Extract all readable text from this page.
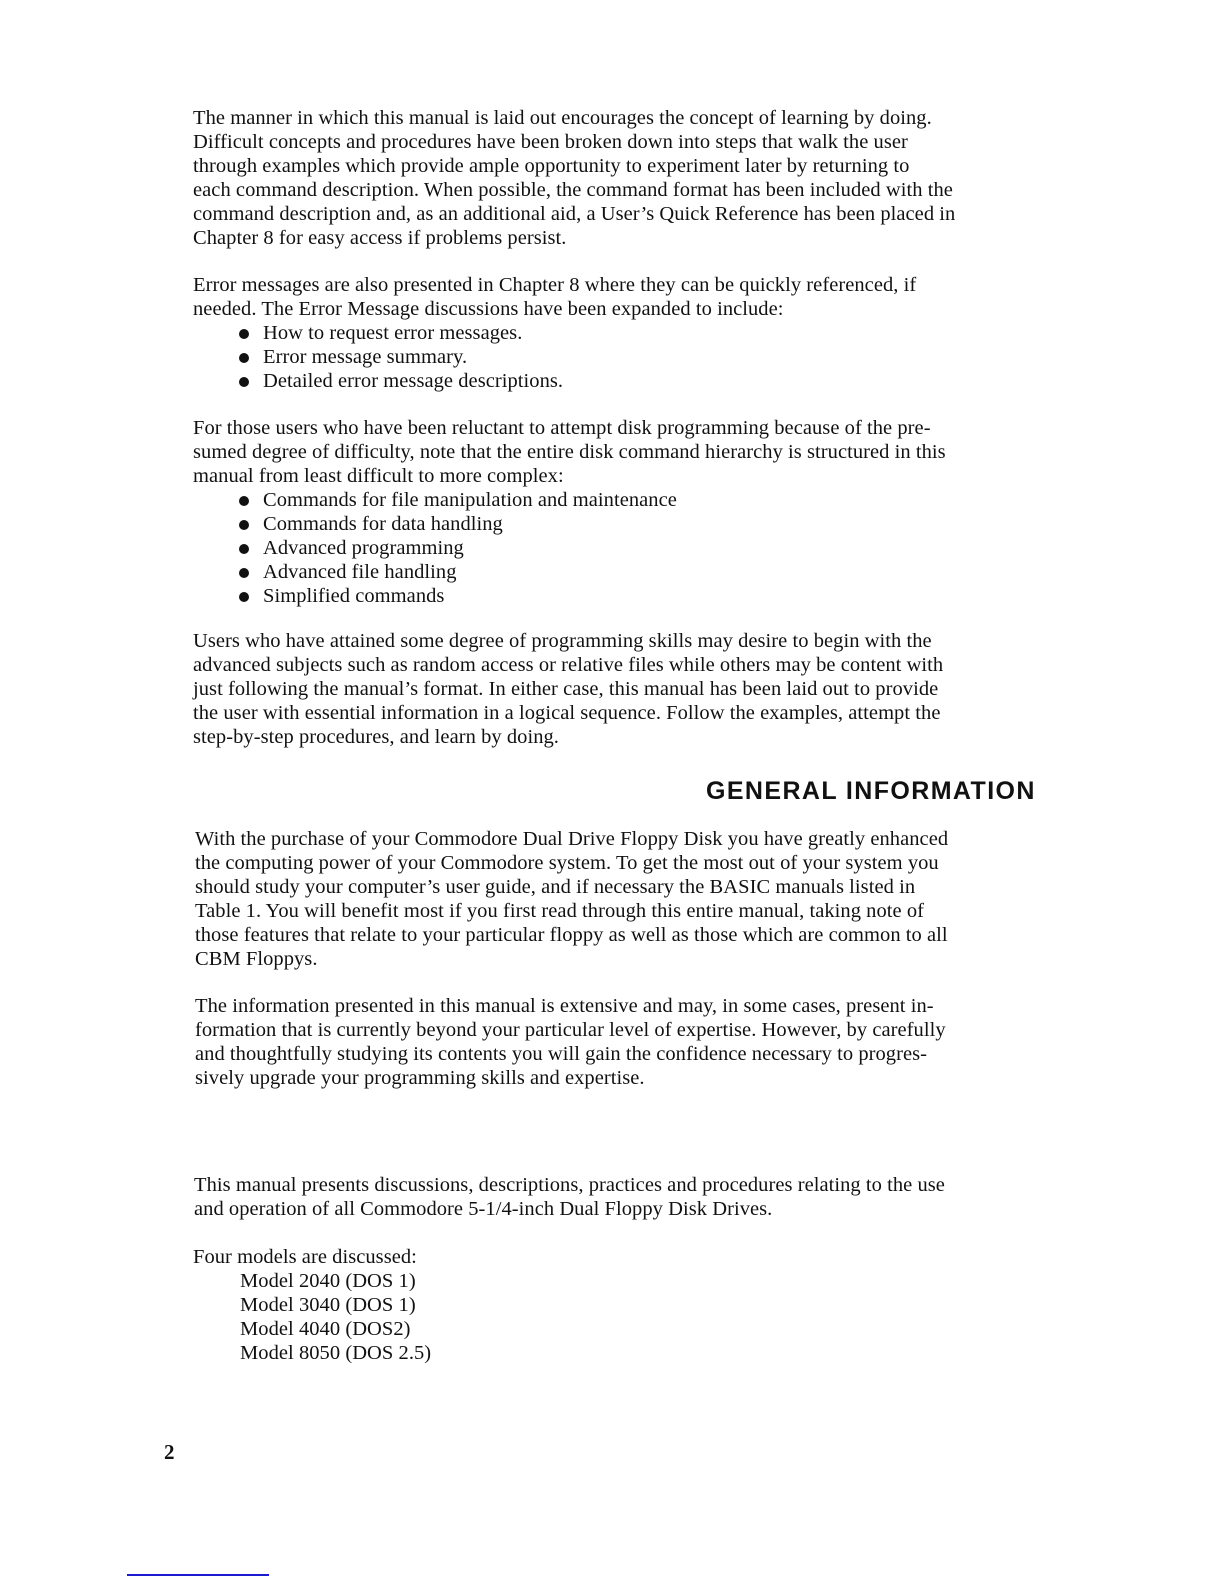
The manner in which this manual is laid out encourages the concept of learning by doing.
Difficult concepts and procedures have been broken down into steps that walk the user
through examples which provide ample opportunity to experiment later by returning to
each command description. When possible, the command format has been included with the
command description and, as an additional aid, a User’s Quick Reference has been placed in
Chapter 8 for easy access if problems persist.
Error messages are also presented in Chapter 8 where they can be quickly referenced, if
needed. The Error Message discussions have been expanded to include:
How to request error messages.
Error message summary.
Detailed error message descriptions.
For those users who have been reluctant to attempt disk programming because of the pre-
sumed degree of difficulty, note that the entire disk command hierarchy is structured in this
manual from least difficult to more complex:
Commands for file manipulation and maintenance
Commands for data handling
Advanced programming
Advanced file handling
Simplified commands
Users who have attained some degree of programming skills may desire to begin with the
advanced subjects such as random access or relative files while others may be content with
just following the manual’s format. In either case, this manual has been laid out to provide
the user with essential information in a logical sequence. Follow the examples, attempt the
step-by-step procedures, and learn by doing.
GENERAL INFORMATION
With the purchase of your Commodore Dual Drive Floppy Disk you have greatly enhanced
the computing power of your Commodore system. To get the most out of your system you
should study your computer’s user guide, and if necessary the BASIC manuals listed in
Table 1. You will benefit most if you first read through this entire manual, taking note of
those features that relate to your particular floppy as well as those which are common to all
CBM Floppys.
The information presented in this manual is extensive and may, in some cases, present in-
formation that is currently beyond your particular level of expertise. However, by carefully
and thoughtfully studying its contents you will gain the confidence necessary to progres-
sively upgrade your programming skills and expertise.
This manual presents discussions, descriptions, practices and procedures relating to the use
and operation of all Commodore 5-1/4-inch Dual Floppy Disk Drives.
Four models are discussed:
Model 2040 (DOS 1)
Model 3040 (DOS 1)
Model 4040 (DOS2)
Model 8050 (DOS 2.5)
2
